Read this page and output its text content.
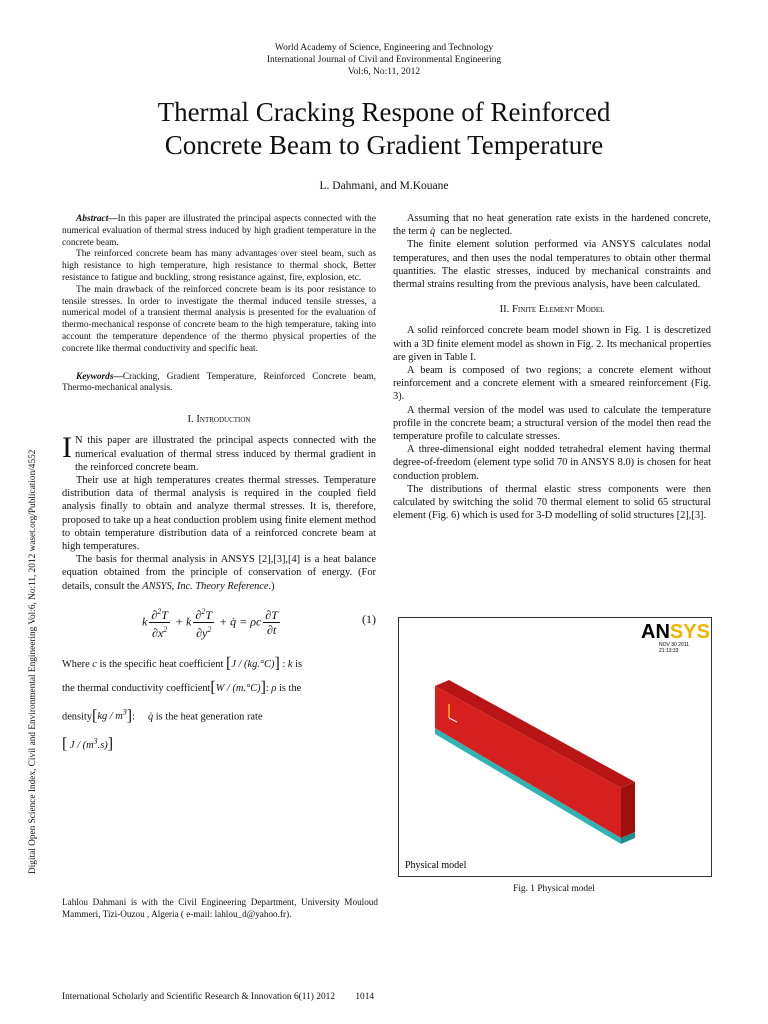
World Academy of Science, Engineering and Technology
International Journal of Civil and Environmental Engineering
Vol:6, No:11, 2012
Thermal Cracking Respone of Reinforced
Concrete Beam to Gradient Temperature
L. Dahmani, and M.Kouane
Digital Open Science Index, Civil and Environmental Engineering Vol:6, No:11, 2012 waset.org/Publication/4552

Abstract—In this paper are illustrated the principal aspects connected with the numerical evaluation of thermal stress induced by high gradient temperature in the concrete beam.

The reinforced concrete beam has many advantages over steel beam, such as high resistance to high temperature, high resistance to thermal shock, Better resistance to fatigue and buckling, strong resistance against, fire, explosion, etc.

The main drawback of the reinforced concrete beam is its poor resistance to tensile stresses. In order to investigate the thermal induced tensile stresses, a numerical model of a transient thermal analysis is presented for the evaluation of thermo-mechanical response of concrete beam to the high temperature, taking into account the temperature dependence of the thermo physical properties of the concrete like thermal conductivity and specific heat.

Keywords—Cracking, Gradient Temperature, Reinforced Concrete beam, Thermo-mechanical analysis.

I. Introduction

I N this paper are illustrated the principal aspects connected with the numerical evaluation of thermal stress induced by thermal gradient in the reinforced concrete beam.

Their use at high temperatures creates thermal stresses. Temperature distribution data of thermal analysis is required in the coupled field analysis finally to obtain and analyze thermal stresses. It is, therefore, proposed to take up a heat conduction problem using finite element method to obtain temperature distribution data of a reinforced concrete beam at high temperatures.

The basis for thermal analysis in ANSYS [2],[3],[4] is a heat balance equation obtained from the principle of conservation of energy. (For details, consult the ANSYS, Inc. Theory Reference.)

k $\frac{\partial^2T}{\partial x^2} + k \frac{\partial^2T}{\partial y^2}$ + q̇ = ρc $\frac{\partial T}{\partial t}$	(1)

Where c is the specific heat coefficient [J / (kg.°C)] : k is

the thermal conductivity coefficient[W / (m.°C)]: ρ is the

density[kg / $m^3$]:     q̇ is the heat generation rate

[ J / $(m^3.s)$]

Lahlou Dahmani is with the Civil Engineering Department, University Mouloud Mammeri, Tizi-Ouzou , Algeria ( e-mail: lahlou_d@yahoo.fr).

Assuming that no heat generation rate exists in the hardened concrete, the term q̇ can be neglected.

The finite element solution performed via ANSYS calculates nodal temperatures, and then uses the nodal temperatures to obtain other thermal quantities. The elastic stresses, induced by mechanical constraints and thermal strains resulting from the previous analysis, have been calculated.

II. Finite Element Model

A solid reinforced concrete beam model shown in Fig. 1 is descretized with a 3D finite element model as shown in Fig. 2. Its mechanical properties are given in Table I.

A beam is composed of two regions; a concrete element without reinforcement and a concrete element with a smeared reinforcement (Fig. 3).

A thermal version of the model was used to calculate the temperature profile in the concrete beam; a structural version of the model then read the temperature profile to calculate stresses.

A three-dimensional eight nodded tetrahedral element having thermal degree-of-freedom (element type solid 70 in ANSYS 8.0) is chosen for heat conduction problem.

The distributions of thermal elastic stress components were then calculated by switching the solid 70 thermal element to solid 65 structural element (Fig. 6) which is used for 3-D modelling of solid structures [2],[3].

ANSYS
NOV 30 2011
21:13:33
Physical model
Fig. 1 Physical model
International Scholarly and Scientific Research & Innovation 6(11) 2012 1014
